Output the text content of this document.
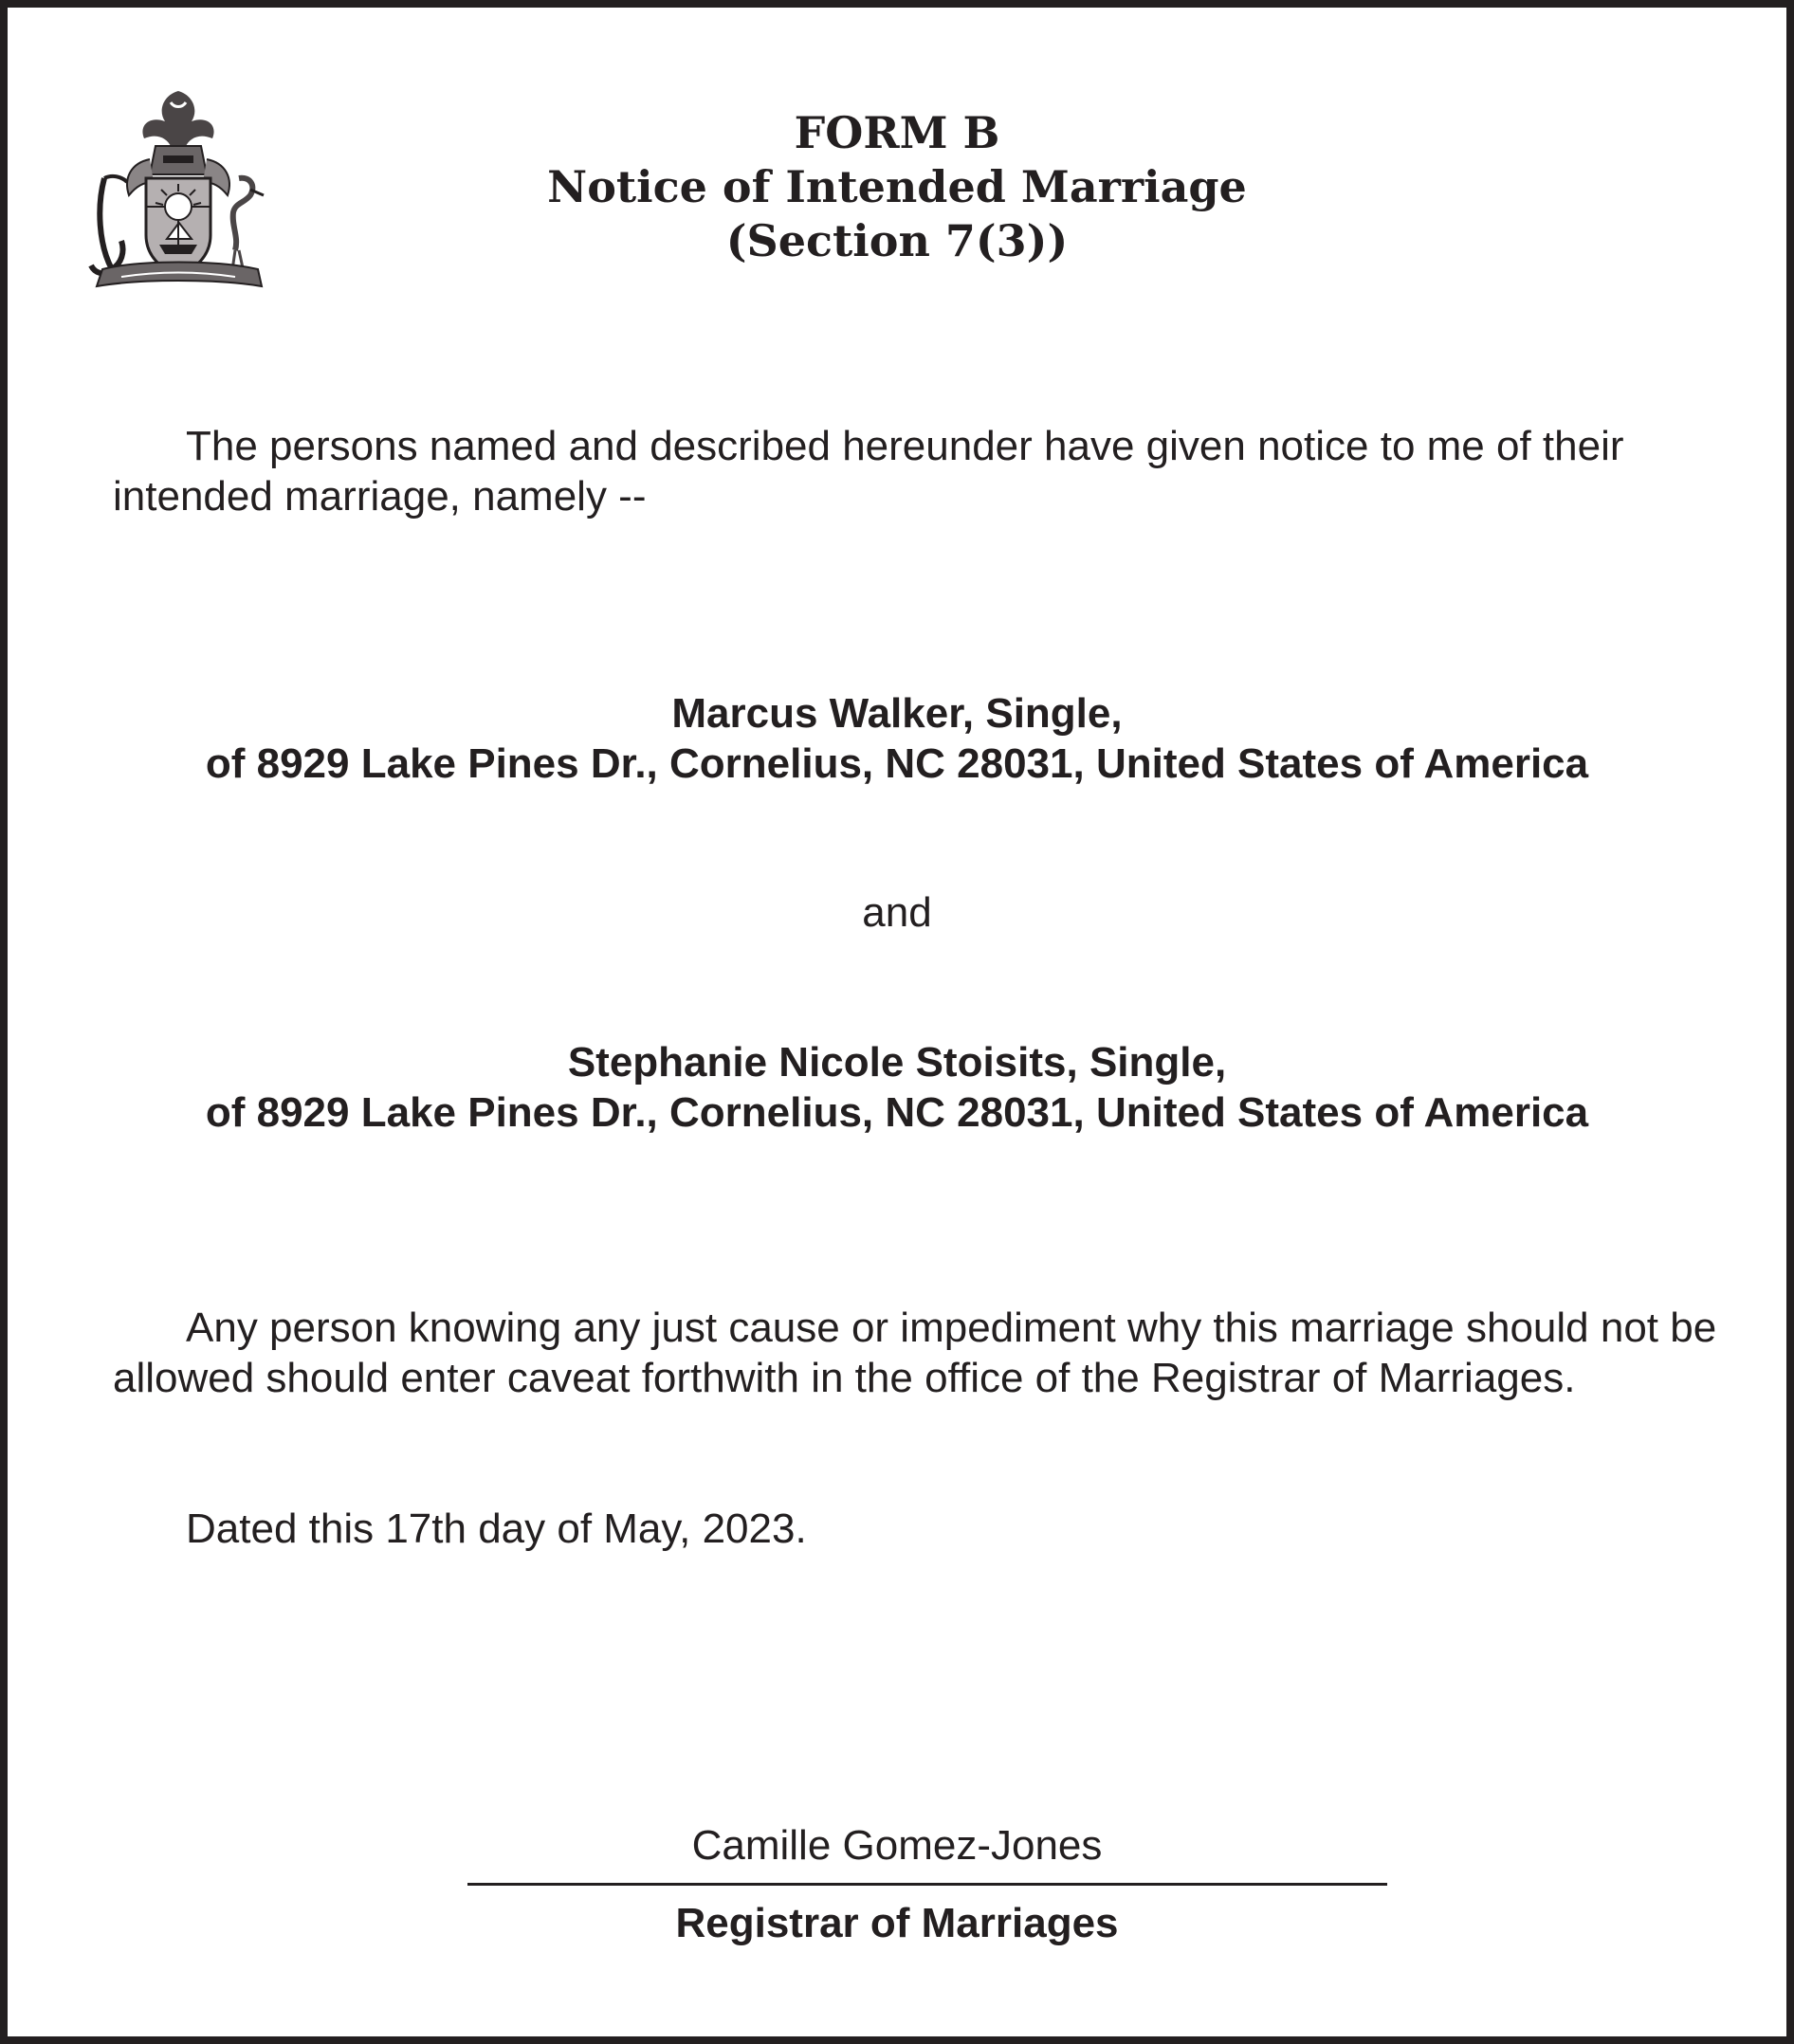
FORM B
Notice of Intended Marriage
(Section 7(3))
The persons named and described hereunder have given notice to me of their intended marriage, namely --
Marcus Walker, Single,
of 8929 Lake Pines Dr., Cornelius, NC 28031, United States of America
and
Stephanie Nicole Stoisits, Single,
of 8929 Lake Pines Dr., Cornelius, NC 28031, United States of America
Any person knowing any just cause or impediment why this marriage should not be allowed should enter caveat forthwith in the office of the Registrar of Marriages.
Dated this 17th day of May, 2023.
Camille Gomez-Jones
Registrar of Marriages
